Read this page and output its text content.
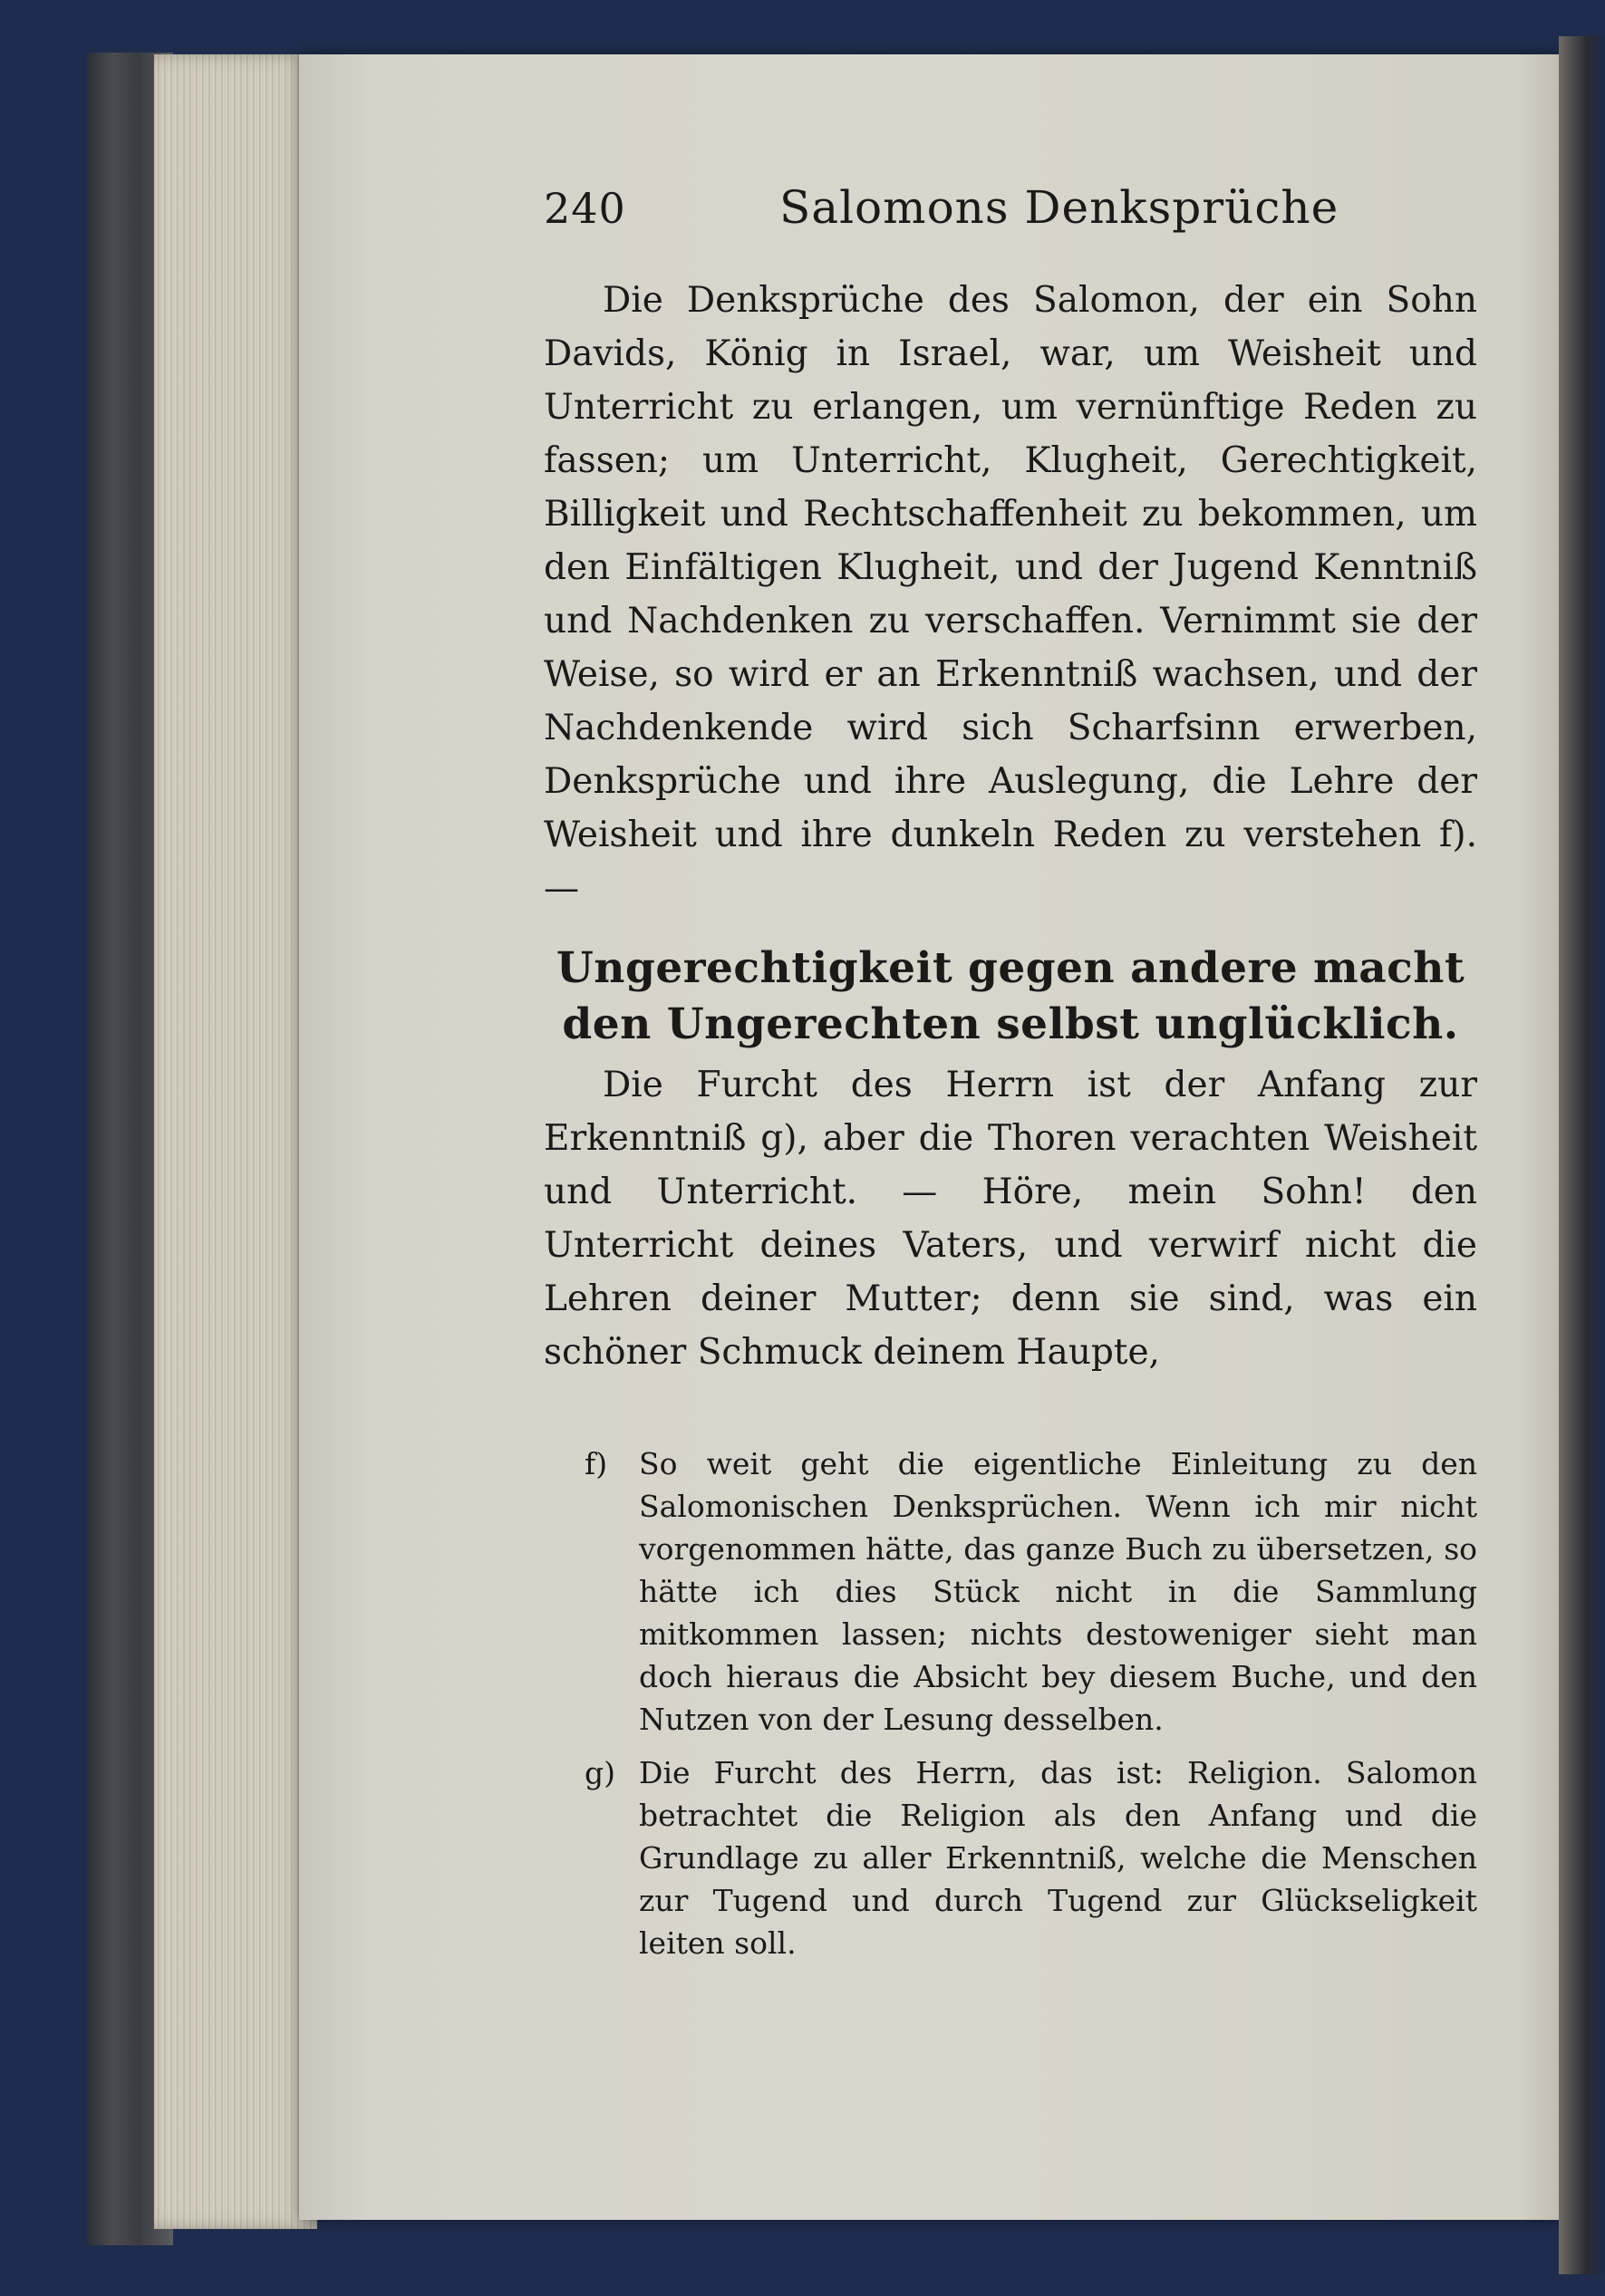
240	Salomons Denksprüche

Die Denksprüche des Salomon, der ein Sohn Davids, König in Israel, war, um Weisheit und Unterricht zu erlangen, um vernünftige Reden zu fassen; um Unterricht, Klugheit, Gerechtigkeit, Billigkeit und Rechtschaffenheit zu bekommen, um den Einfältigen Klugheit, und der Jugend Kenntniß und Nachdenken zu verschaffen. Vernimmt sie der Weise, so wird er an Erkenntniß wachsen, und der Nachdenkende wird sich Scharfsinn erwerben, Denksprüche und ihre Auslegung, die Lehre der Weisheit und ihre dunkeln Reden zu verstehen f). —

Ungerechtigkeit gegen andere macht den Ungerechten selbst unglücklich.

Die Furcht des Herrn ist der Anfang zur Erkenntniß g), aber die Thoren verachten Weisheit und Unterricht. — Höre, mein Sohn! den Unterricht deines Vaters, und verwirf nicht die Lehren deiner Mutter; denn sie sind, was ein schöner Schmuck deinem Haupte,

f)	So weit geht die eigentliche Einleitung zu den Salomonischen Denksprüchen. Wenn ich mir nicht vorgenommen hätte, das ganze Buch zu übersetzen, so hätte ich dies Stück nicht in die Sammlung mitkommen lassen; nichts destoweniger sieht man doch hieraus die Absicht bey diesem Buche, und den Nutzen von der Lesung desselben.
g) Die Furcht des Herrn, das ist: Religion. Salomon betrachtet die Religion als den Anfang und die Grundlage zu aller Erkenntniß, welche die Menschen zur Tugend und durch Tugend zur Glückseligkeit leiten soll.
